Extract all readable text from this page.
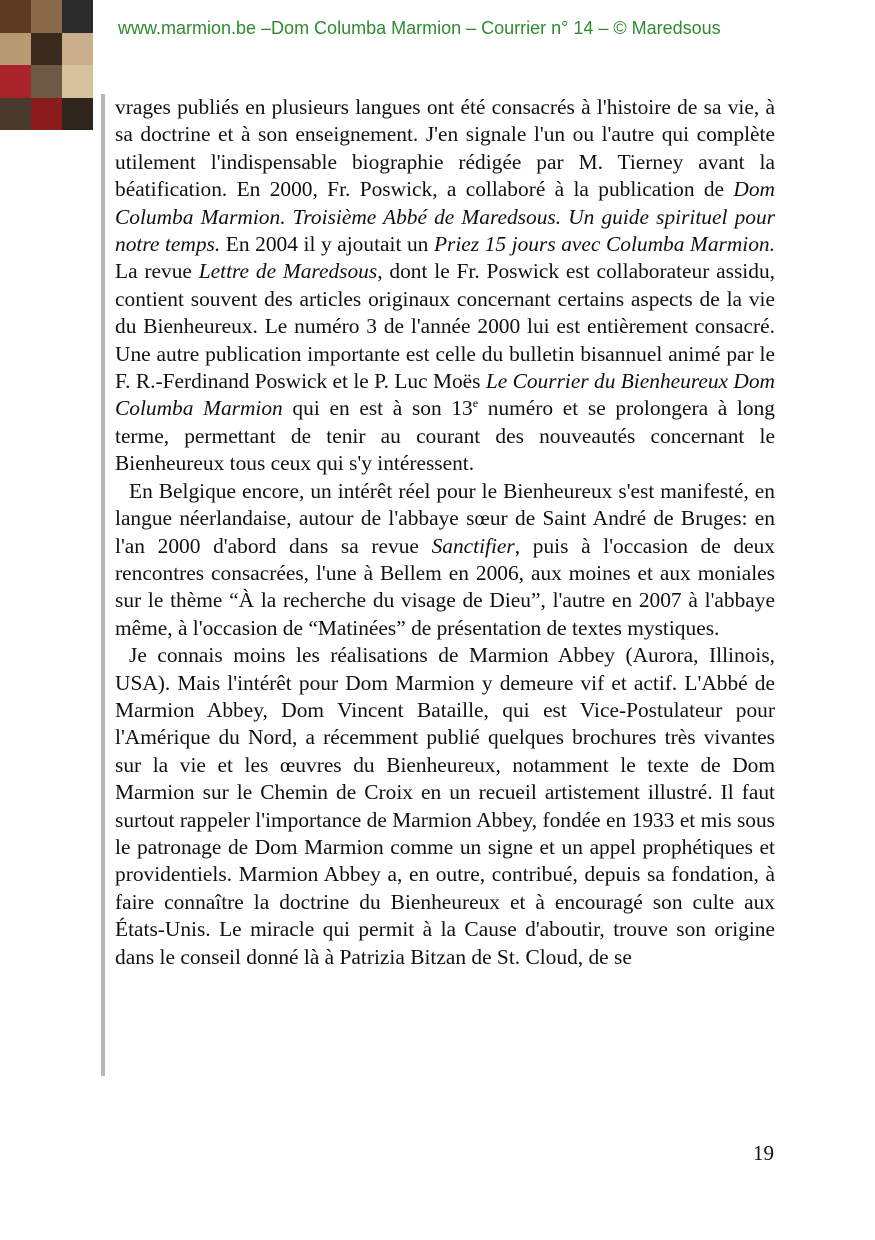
www.marmion.be –Dom Columba Marmion – Courrier n° 14 – © Maredsous

vrages publiés en plusieurs langues ont été consacrés à l'histoire de sa vie, à sa doctrine et à son enseignement. J'en signale l'un ou l'autre qui complète utilement l'indispensable biographie rédigée par M. Tierney avant la béatification. En 2000, Fr. Poswick, a collaboré à la publication de Dom Columba Marmion. Troisième Abbé de Maredsous. Un guide spirituel pour notre temps. En 2004 il y ajoutait un Priez 15 jours avec Columba Marmion. La revue Lettre de Maredsous, dont le Fr. Poswick est collaborateur assidu, contient souvent des articles originaux concernant certains aspects de la vie du Bienheureux. Le numéro 3 de l'année 2000 lui est entièrement consacré. Une autre publication importante est celle du bulletin bisannuel animé par le F. R.-Ferdinand Poswick et le P. Luc Moës Le Courrier du Bienheureux Dom Columba Marmion qui en est à son 13e numéro et se prolongera à long terme, permettant de tenir au courant des nouveautés concernant le Bienheureux tous ceux qui s'y intéressent.

En Belgique encore, un intérêt réel pour le Bienheureux s'est manifesté, en langue néerlandaise, autour de l'abbaye sœur de Saint André de Bruges: en l'an 2000 d'abord dans sa revue Sanctifier, puis à l'occasion de deux rencontres consacrées, l'une à Bellem en 2006, aux moines et aux moniales sur le thème “À la recherche du visage de Dieu”, l'autre en 2007 à l'abbaye même, à l'occasion de “Matinées” de présentation de textes mystiques.

Je connais moins les réalisations de Marmion Abbey (Aurora, Illinois, USA). Mais l'intérêt pour Dom Marmion y demeure vif et actif. L'Abbé de Marmion Abbey, Dom Vincent Bataille, qui est Vice-Postulateur pour l'Amérique du Nord, a récemment publié quelques brochures très vivantes sur la vie et les œuvres du Bienheureux, notamment le texte de Dom Marmion sur le Chemin de Croix en un recueil artistement illustré. Il faut surtout rappeler l'importance de Marmion Abbey, fondée en 1933 et mis sous le patronage de Dom Marmion comme un signe et un appel prophétiques et providentiels. Marmion Abbey a, en outre, contribué, depuis sa fondation, à faire connaître la doctrine du Bienheureux et à encouragé son culte aux États-Unis. Le miracle qui permit à la Cause d'aboutir, trouve son origine dans le conseil donné là à Patrizia Bitzan de St. Cloud, de se

19
